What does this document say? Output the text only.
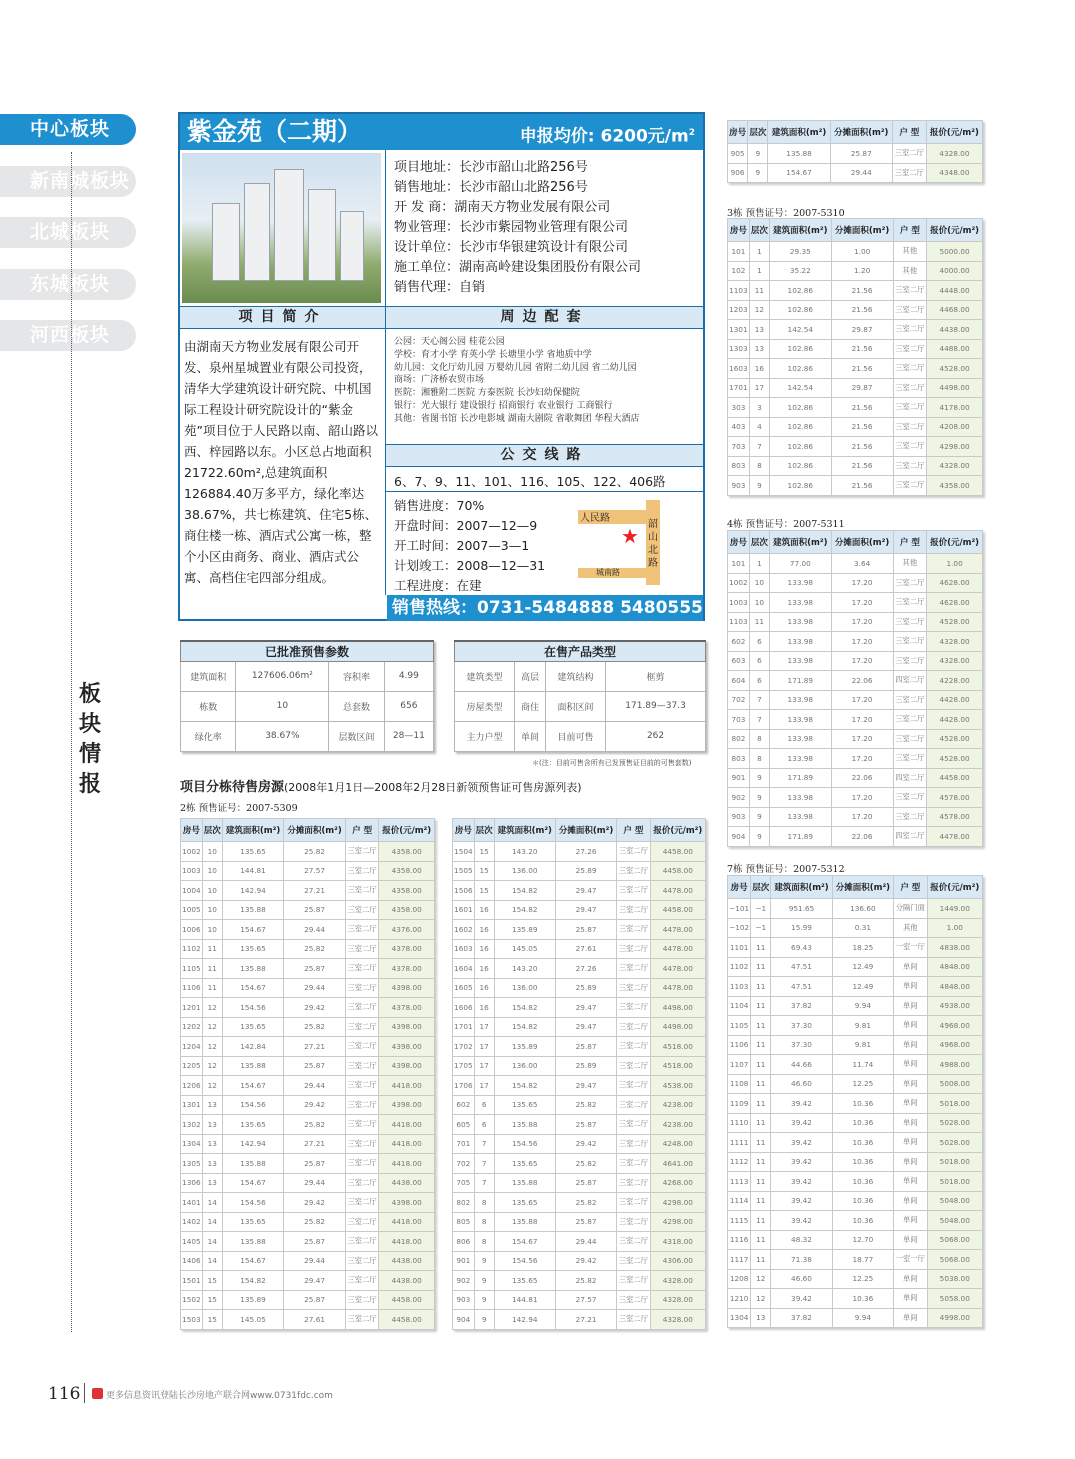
中心板块
新南城板块
北城板块
东城板块
河西板块
板块情报
紫金苑（二期）	申报均价: 6200元$/m^2$
项目地址：长沙市韶山北路256号
销售地址：长沙市韶山北路256号
开 发 商：湖南天方物业发展有限公司
物业管理：长沙市紫园物业管理有限公司
设计单位：长沙市华银建筑设计有限公司
施工单位：湖南高岭建设集团股份有限公司
销售代理：自销
项目简介	周边配套
由湖南天方物业发展有限公司开发、泉州星城置业有限公司投资，清华大学建筑设计研究院、中机国际工程设计研究院设计的“紫金苑”项目位于人民路以南、韶山路以西、梓园路以东。小区总占地面积21722.60m²,总建筑面积126884.40万多平方，绿化率达38.67%，共七栋建筑、住宅5栋、商住楼一栋、酒店式公寓一栋，整个小区由商务、商业、酒店式公寓、高档住宅四部分组成。
公园：天心阁公园 桂花公园
学校：育才小学 育英小学 长塘里小学 省地质中学
幼儿园：文化厅幼儿园 万婴幼儿园 省附二幼儿园 省二幼儿园
商场：广济桥农贸市场
医院：湘雅附二医院 方泰医院 长沙妇幼保健院
银行：光大银行 建设银行 招商银行 农业银行 工商银行
其他：省图书馆 长沙电影城 湖南大剧院 省歌舞团 华程大酒店
公交线路
6、7、9、11、101、116、105、122、406路
销售进度：70%
开盘时间：2007—12—9
开工时间：2007—3—1
计划竣工：2008—12—31
工程进度：在建
人民路
韶山北路
城南路
★
销售热线：0731-5484888 5480555
已批准预售参数			
建筑面积	127606.06m²	容积率	4.99
栋数	10	总套数	656
绿化率	38.67%	层数区间	28—11
在售产品类型			
建筑类型	高层	建筑结构	框剪
房屋类型	商住	面积区间	171.89—37.3
主力户型	单间	目前可售	262
＊(注：目前可售含所有已发预售证目前的可售套数)
项目分栋待售房源(2008年1月1日—2008年2月28日新领预售证可售房源列表)
2栋 预售证号：2007-5309
3栋 预售证号：2007-5310
4栋 预售证号：2007-5311
7栋 预售证号：2007-5312
房号	层次	建筑面积(m²)	分摊面积(m²)	户 型	报价(元/m²)
1002	10	135.65	25.82	三室二厅	4358.00
1003	10	144.81	27.57	三室二厅	4358.00
1004	10	142.94	27.21	三室二厅	4358.00
1005	10	135.88	25.87	三室二厅	4358.00
1006	10	154.67	29.44	三室二厅	4376.00
1102	11	135.65	25.82	三室二厅	4378.00
1105	11	135.88	25.87	三室二厅	4378.00
1106	11	154.67	29.44	三室二厅	4398.00
1201	12	154.56	29.42	三室二厅	4378.00
1202	12	135.65	25.82	三室二厅	4398.00
1204	12	142.84	27.21	三室二厅	4398.00
1205	12	135.88	25.87	三室二厅	4398.00
1206	12	154.67	29.44	三室二厅	4418.00
1301	13	154.56	29.42	三室二厅	4398.00
1302	13	135.65	25.82	三室二厅	4418.00
1304	13	142.94	27.21	三室二厅	4418.00
1305	13	135.88	25.87	三室二厅	4418.00
1306	13	154.67	29.44	三室二厅	4438.00
1401	14	154.56	29.42	三室二厅	4398.00
1402	14	135.65	25.82	三室二厅	4418.00
1405	14	135.88	25.87	三室二厅	4418.00
1406	14	154.67	29.44	三室二厅	4438.00
1501	15	154.82	29.47	三室二厅	4438.00
1502	15	135.89	25.87	三室二厅	4458.00
1503	15	145.05	27.61	三室二厅	4458.00
房号	层次	建筑面积(m²)	分摊面积(m²)	户 型	报价(元/m²)
1504	15	143.20	27.26	三室二厅	4458.00
1505	15	136.00	25.89	三室二厅	4458.00
1506	15	154.82	29.47	三室二厅	4478.00
1601	16	154.82	29.47	三室二厅	4458.00
1602	16	135.89	25.87	三室二厅	4478.00
1603	16	145.05	27.61	三室二厅	4478.00
1604	16	143.20	27.26	三室二厅	4478.00
1605	16	136.00	25.89	三室二厅	4478.00
1606	16	154.82	29.47	三室二厅	4498.00
1701	17	154.82	29.47	三室二厅	4498.00
1702	17	135.89	25.87	三室二厅	4518.00
1705	17	136.00	25.89	三室二厅	4518.00
1706	17	154.82	29.47	三室二厅	4538.00
602	6	135.65	25.82	三室二厅	4238.00
605	6	135.88	25.87	三室二厅	4238.00
701	7	154.56	29.42	三室二厅	4248.00
702	7	135.65	25.82	三室二厅	4641.00
705	7	135.88	25.87	三室二厅	4268.00
802	8	135.65	25.82	三室二厅	4298.00
805	8	135.88	25.87	三室二厅	4298.00
806	8	154.67	29.44	三室二厅	4318.00
901	9	154.56	29.42	三室二厅	4306.00
902	9	135.65	25.82	三室二厅	4328.00
903	9	144.81	27.57	三室二厅	4328.00
904	9	142.94	27.21	三室二厅	4328.00
房号	层次	建筑面积(m²)	分摊面积(m²)	户 型	报价(元/m²)
905	9	135.88	25.87	三室二厅	4328.00
906	9	154.67	29.44	三室二厅	4348.00
房号	层次	建筑面积(m²)	分摊面积(m²)	户 型	报价(元/m²)
101	1	29.35	1.00	其他	5000.00
102	1	35.22	1.20	其他	4000.00
1103	11	102.86	21.56	三室二厅	4448.00
1203	12	102.86	21.56	三室二厅	4468.00
1301	13	142.54	29.87	三室二厅	4438.00
1303	13	102.86	21.56	三室二厅	4488.00
1603	16	102.86	21.56	三室二厅	4528.00
1701	17	142.54	29.87	三室二厅	4498.00
303	3	102.86	21.56	三室二厅	4178.00
403	4	102.86	21.56	三室二厅	4208.00
703	7	102.86	21.56	三室二厅	4298.00
803	8	102.86	21.56	三室二厅	4328.00
903	9	102.86	21.56	三室二厅	4358.00
房号	层次	建筑面积(m²)	分摊面积(m²)	户 型	报价(元/m²)
101	1	77.00	3.64	其他	1.00
1002	10	133.98	17.20	三室二厅	4628.00
1003	10	133.98	17.20	三室二厅	4628.00
1103	11	133.98	17.20	三室二厅	4528.00
602	6	133.98	17.20	三室二厅	4328.00
603	6	133.98	17.20	三室二厅	4328.00
604	6	171.89	22.06	四室二厅	4228.00
702	7	133.98	17.20	三室二厅	4428.00
703	7	133.98	17.20	三室二厅	4428.00
802	8	133.98	17.20	三室二厅	4528.00
803	8	133.98	17.20	三室二厅	4528.00
901	9	171.89	22.06	四室二厅	4458.00
902	9	133.98	17.20	三室二厅	4578.00
903	9	133.98	17.20	三室二厅	4578.00
904	9	171.89	22.06	四室二厅	4478.00
房号	层次	建筑面积(m²)	分摊面积(m²)	户 型	报价(元/m²)
−101	−1	951.65	136.60	分隔门面	1449.00
−102	−1	15.99	0.31	其他	1.00
1101	11	69.43	18.25	一室一厅	4838.00
1102	11	47.51	12.49	单间	4848.00
1103	11	47.51	12.49	单间	4848.00
1104	11	37.82	9.94	单间	4938.00
1105	11	37.30	9.81	单间	4968.00
1106	11	37.30	9.81	单间	4968.00
1107	11	44.66	11.74	单间	4988.00
1108	11	46.60	12.25	单间	5008.00
1109	11	39.42	10.36	单间	5018.00
1110	11	39.42	10.36	单间	5028.00
1111	11	39.42	10.36	单间	5028.00
1112	11	39.42	10.36	单间	5018.00
1113	11	39.42	10.36	单间	5018.00
1114	11	39.42	10.36	单间	5048.00
1115	11	39.42	10.36	单间	5048.00
1116	11	48.32	12.70	单间	5068.00
1117	11	71.38	18.77	一室一厅	5068.00
1208	12	46.60	12.25	单间	5038.00
1210	12	39.42	10.36	单间	5058.00
1304	13	37.82	9.94	单间	4998.00
116	更多信息资讯登陆长沙房地产联合网www.0731fdc.com
